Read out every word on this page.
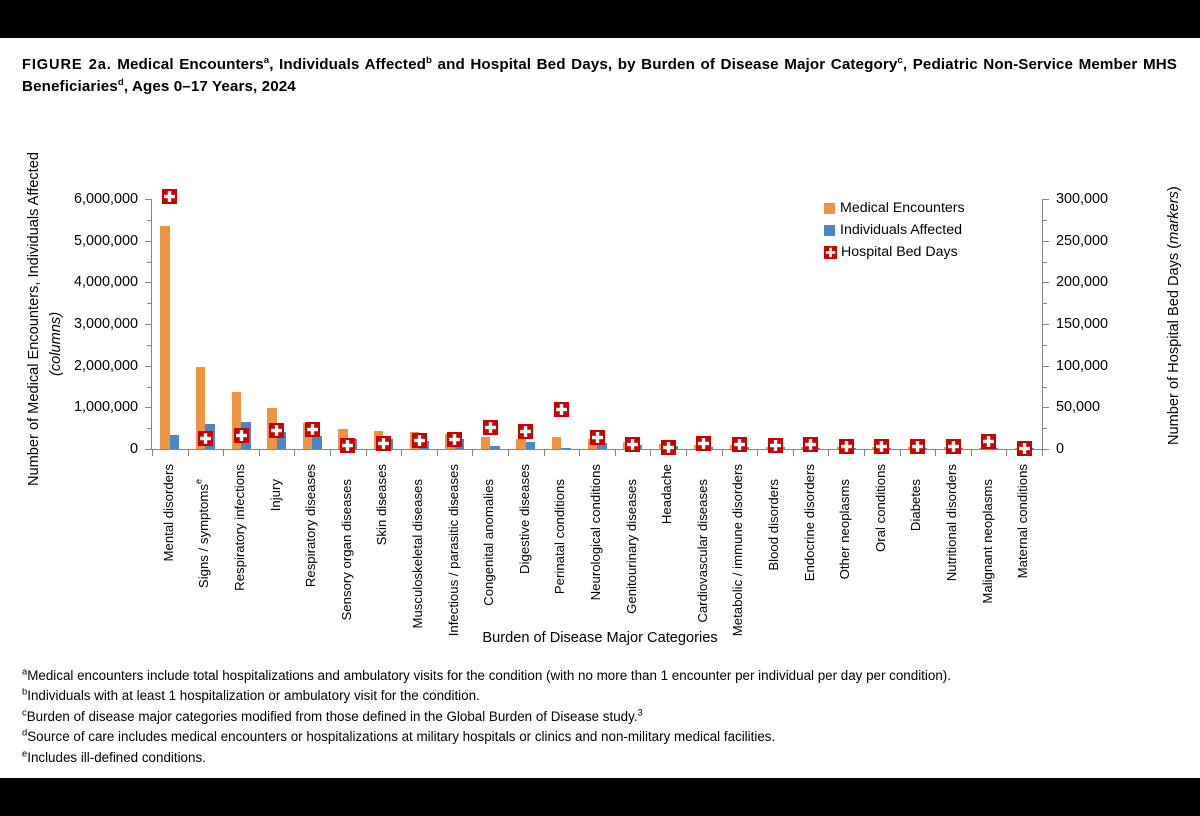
FIGURE 2a. Medical Encounters$^a$, Individuals Affected$^b$ and Hospital Bed Days, by Burden of Disease Major Category$^c$, Pediatric Non-Service Member MHS Beneficiaries$^d$, Ages 0–17 Years, 2024
Number of Medical Encounters, Individuals Affected (columns)	Number of Hospital Bed Days (markers)
0
1,000,000
2,000,000
3,000,000
4,000,000
5,000,000
6,000,000
0
50,000
100,000
150,000
200,000
250,000
300,000
Mental disorders Signs / symptoms$^e$	Respiratory infections Injury Respiratory diseases Sensory organ diseases Skin diseases Musculoskeletal diseases Infectious / parasitic diseases Congenital anomalies Digestive diseases Perinatal conditions Neurological conditions Genitourinary diseases Headache Cardiovascular diseases Metabolic / immune disorders Blood disorders Endocrine disorders Other neoplasms Oral conditions Diabetes Nutritional disorders Malignant neoplasms Maternal conditions
Burden of Disease Major Categories
Medical Encounters
Individuals Affected
Hospital Bed Days
$^a$Medical encounters include total hospitalizations and ambulatory visits for the condition (with no more than 1 encounter per individual per day per condition).
$^b$Individuals with at least 1 hospitalization or ambulatory visit for the condition.
$^c$Burden of disease major categories modified from those defined in the Global Burden of Disease study.$^3$
$^d$Source of care includes medical encounters or hospitalizations at military hospitals or clinics and non-military medical facilities.
$^e$Includes ill-defined conditions.
